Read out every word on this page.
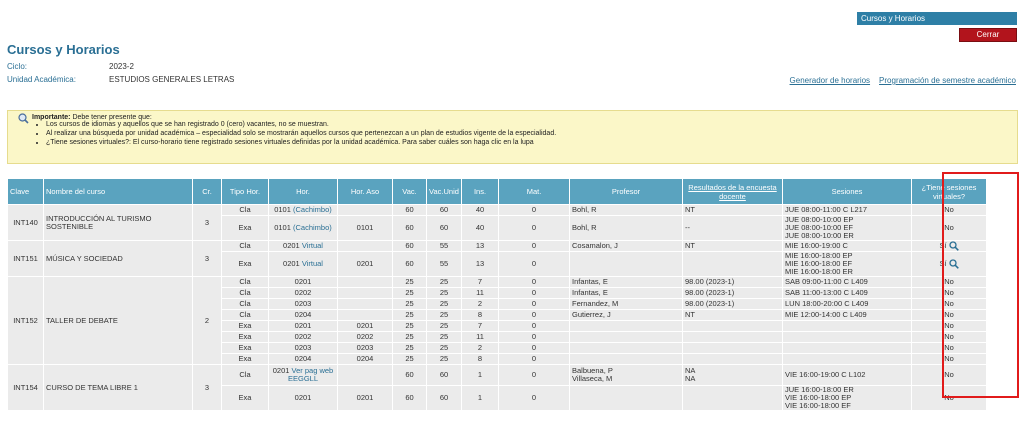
Cursos y Horarios
Cerrar
Cursos y Horarios
Ciclo:	2023-2
Unidad Académica:	ESTUDIOS GENERALES LETRAS	Generador de horarios Programación de semestre académico
Importante: Debe tener presente que:
• Los cursos de idiomas y aquellos que se han registrado 0 (cero) vacantes, no se muestran.
• Al realizar una búsqueda por unidad académica – especialidad solo se mostrarán aquellos cursos que pertenezcan a un plan de estudios vigente de la especialidad.
• ¿Tiene sesiones virtuales?: El curso-horario tiene registrado sesiones virtuales definidas por la unidad académica. Para saber cuáles son haga clic en la lupa
Clave	Nombre del curso	Cr.	Tipo Hor.	Hor.	Hor. Aso	Vac.	Vac.Unid	Ins.	Mat.	Profesor	Resultados de la encuesta docente	Sesiones	¿Tiene sesiones virtuales?
INT140	INTRODUCCIÓN AL TURISMO SOSTENIBLE	3	Cla	0101 (Cachimbo)		60	60	40	0	Bohl, R	NT	JUE 08:00-11:00 C L217	No
			Exa	0101 (Cachimbo)	0101	60	60	40	0	Bohl, R	--	JUE 08:00-10:00 EP
JUE 08:00-10:00 EF
JUE 08:00-10:00 ER	No
INT151	MÚSICA Y SOCIEDAD	3	Cla	0201 Virtual		60	55	13	0	Cosamalon, J	NT	MIE 16:00-19:00 C	Sí
			Exa	0201 Virtual	0201	60	55	13	0			MIE 16:00-18:00 EP
MIE 16:00-18:00 EF
MIE 16:00-18:00 ER	Sí
INT152	TALLER DE DEBATE	2	Cla	0201		25	25	7	0	Infantas, E	98.00 (2023-1)	SAB 09:00-11:00 C L409	No
			Cla	0202		25	25	11	0	Infantas, E	98.00 (2023-1)	SAB 11:00-13:00 C L409	No
			Cla	0203		25	25	2	0	Fernandez, M	98.00 (2023-1)	LUN 18:00-20:00 C L409	No
			Cla	0204		25	25	8	0	Gutierrez, J	NT	MIE 12:00-14:00 C L409	No
			Exa	0201	0201	25	25	7	0				No
			Exa	0202	0202	25	25	11	0				No
			Exa	0203	0203	25	25	2	0				No
			Exa	0204	0204	25	25	8	0				No
INT154	CURSO DE TEMA LIBRE 1	3	Cla	0201 Ver pag web EEGGLL		60	60	1	0	Balbuena, P
Villaseca, M	NA
NA	VIE 16:00-19:00 C L102	No
			Exa	0201	0201	60	60	1	0			JUE 16:00-18:00 ER
VIE 16:00-18:00 EP
VIE 16:00-18:00 EF	No
